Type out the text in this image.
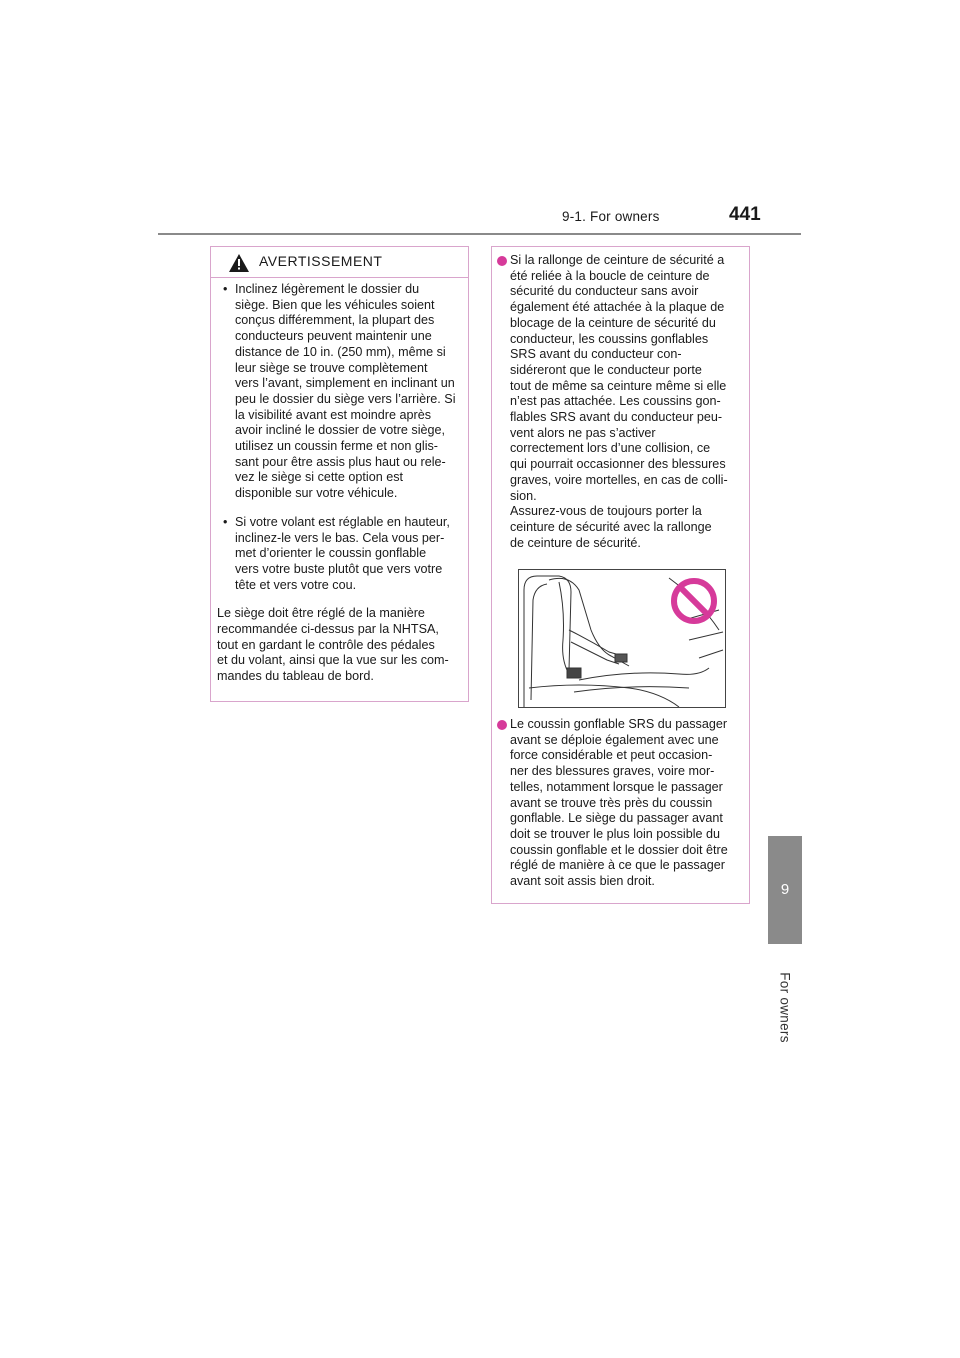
9-1. For owners	441
9
For owners
AVERTISSEMENT
• Inclinez légèrement le dossier du
siège. Bien que les véhicules soient
conçus différemment, la plupart des
conducteurs peuvent maintenir une
distance de 10 in. (250 mm), même si
leur siège se trouve complètement
vers l’avant, simplement en inclinant un
peu le dossier du siège vers l’arrière. Si
la visibilité avant est moindre après
avoir incliné le dossier de votre siège,
utilisez un coussin ferme et non glis-
sant pour être assis plus haut ou rele-
vez le siège si cette option est
disponible sur votre véhicule.
• Si votre volant est réglable en hauteur,
inclinez-le vers le bas. Cela vous per-
met d’orienter le coussin gonflable
vers votre buste plutôt que vers votre
tête et vers votre cou.
Le siège doit être réglé de la manière
recommandée ci-dessus par la NHTSA,
tout en gardant le contrôle des pédales
et du volant, ainsi que la vue sur les com-
mandes du tableau de bord.
Si la rallonge de ceinture de sécurité a
été reliée à la boucle de ceinture de
sécurité du conducteur sans avoir
également été attachée à la plaque de
blocage de la ceinture de sécurité du
conducteur, les coussins gonflables
SRS avant du conducteur con-
sidéreront que le conducteur porte
tout de même sa ceinture même si elle
n’est pas attachée. Les coussins gon-
flables SRS avant du conducteur peu-
vent alors ne pas s’activer
correctement lors d’une collision, ce
qui pourrait occasionner des blessures
graves, voire mortelles, en cas de colli-
sion.
Assurez-vous de toujours porter la
ceinture de sécurité avec la rallonge
de ceinture de sécurité.
Le coussin gonflable SRS du passager
avant se déploie également avec une
force considérable et peut occasion-
ner des blessures graves, voire mor-
telles, notamment lorsque le passager
avant se trouve très près du coussin
gonflable. Le siège du passager avant
doit se trouver le plus loin possible du
coussin gonflable et le dossier doit être
réglé de manière à ce que le passager
avant soit assis bien droit.
